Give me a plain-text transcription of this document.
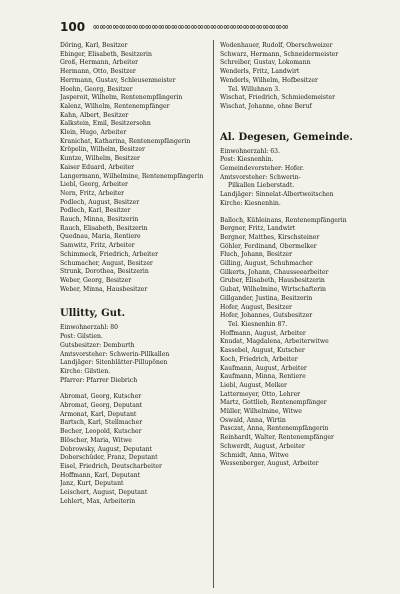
100 ∞∞∞∞∞∞∞∞∞∞∞∞∞∞∞∞∞∞∞∞∞∞∞∞∞∞∞∞∞∞
Döring, Karl, Besitzer
Ebinger, Elisabeth, Besitzerin
Groß, Hermann, Arbeiter
Hermann, Otto, Besitzer
Herrmann, Gustav, Schleusenmeister
Hoehn, Georg, Besitzer
Jasperoit, Wilhelm, Rentenempfängerin
Kalenz, Wilhelm, Rentenempfänger
Kahn, Albert, Besitzer
Kalkstein, Emil, Besitzersohn
Klein, Hugo, Arbeiter
Kranichat, Katharina, Rentenempfängerin
Kröpelin, Wilhelm, Besitzer
Kuntze, Wilhelm, Besitzer
Kaiser Eduard, Arbeiter
Langermann, Wilhelmine, Rentenempfängerin
Liebl, Georg, Arbeiter
Nern, Fritz, Arbeiter
Podlech, August, Besitzer
Podlech, Karl, Besitzer
Rauch, Minna, Besitzerin
Rauch, Elisabeth, Besitzerin
Quednau, Maria, Rentiere
Samwitz, Fritz, Arbeiter
Schimmeck, Friedrich, Arbeiter
Schumacher, August, Besitzer
Strunk, Dorothea, Besitzerin
Weber, Georg, Besitzer
Weber, Minna, Hausbesitzer
Ullitty, Gut.
Einwohnerzahl: 80
Post: Gilstien.
Gutsbesitzer: Demburth
Amtsvorsteher: Schwerin-Pillkallen
Landjäger: Sitenblätter-Pillupönen
Kirche: Gilstien.
Pfarrer: Pfarrer Diebrich
Abromat, Georg, Kutscher
Abromat, Georg, Deputant
Armonat, Karl, Deputant
Bartsch, Karl, Stellmacher
Becher, Leopold, Kutscher
Blöscher, Maria, Witwe
Dobrowsky, August, Deputant
Doberschüder, Franz, Deputant
Eisel, Friedrich, Deutscharbeiter
Hoffmann, Karl, Deputant
Janz, Kurt, Deputant
Leischert, August, Deputant
Lehlert, Max, Arbeiterin
Wodenhauer, Rudolf, Oberschweizer
Schwarz, Hermann, Schneidermeister
Schreiber, Gustav, Lokomann
Wenderls, Fritz, Landwirt
Wenderls, Wilhelm, Hofbesitzer
Tel. Willuhnen 3.
Wischat, Friedrich, Schmiedemeister
Wischat, Johanne, ohne Beruf
Al. Degesen, Gemeinde.
Einwohnerzahl: 63.
Post: Kiesnenhin.
Gemeindevorsteher: Hofer.
Amtsvorsteher: Schwerin-
Pilkallen Lieberstadt.
Landjäger: Sinnelat-Albertweitschen
Kirche: Kiesnenhin.
Balloch, Kühleinans, Rentenempfängerin
Bergner, Fritz, Landwirt
Bergner, Matthes, Kirschsteiner
Göhler, Ferdinand, Obermelker
Fluch, Johann, Besitzer
Gilling, August, Schuhmacher
Gilkerts, Johann, Chausseearbeiter
Gruber, Elisabeth, Hausbesitzerin
Gubat, Wilhelmine, Wirtschafterin
Gillgander, Justina, Besitzerin
Hofer, August, Besitzer
Hofer, Johannes, Gutsbesitzer
Tel. Kiesnenhin 87.
Hoffmann, August, Arbeiter
Knudat, Magdalena, Arbeiterwitwe
Kassebel, August, Kutscher
Koch, Friedrich, Arbeiter
Kaufmann, August, Arbeiter
Kaufmann, Minna, Rentiere
Liebl, August, Melker
Lattermeyer, Otto, Lehrer
Martz, Gottlieb, Rentenempfänger
Müller, Wilhelmine, Witwe
Oswald, Anna, Wirtin
Pasczat, Anna, Rentenempfängerin
Reinhardt, Walter, Rentenempfänger
Schwerdt, August, Arbeiter
Schmidt, Anna, Witwe
Wessenberger, August, Arbeiter
